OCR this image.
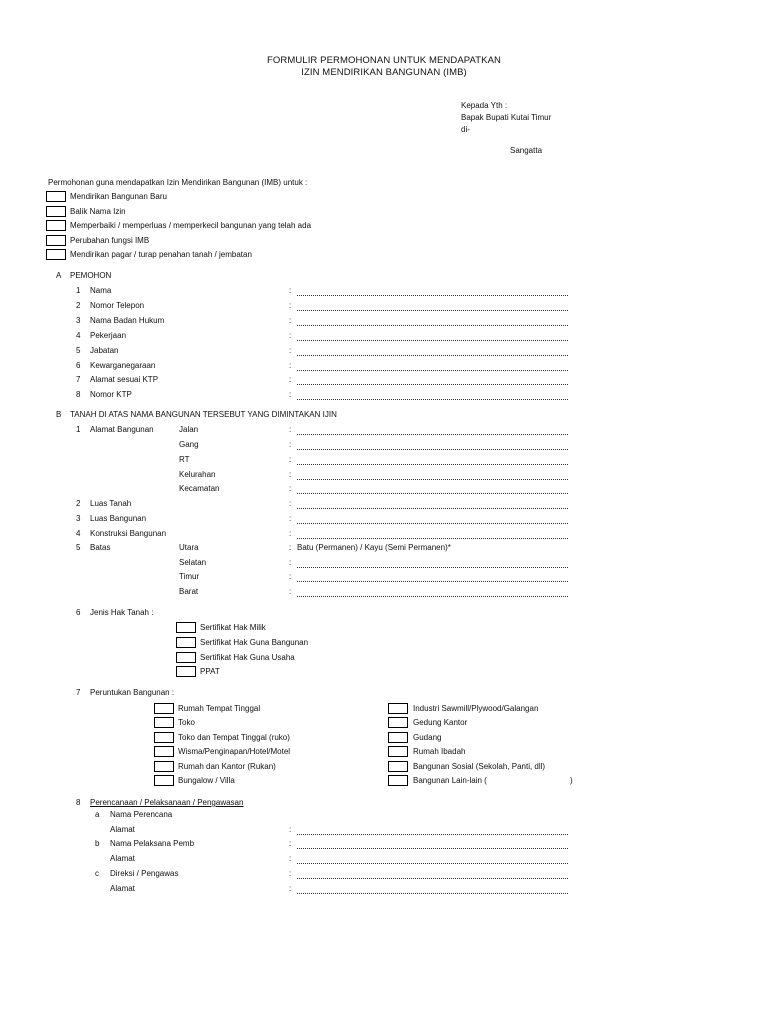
FORMULIR PERMOHONAN UNTUK MENDAPATKAN
IZIN MENDIRIKAN BANGUNAN (IMB)
Kepada Yth :
Bapak Bupati Kutai Timur
di-
Sangatta
Permohonan guna mendapatkan Izin Mendirikan Bangunan (IMB) untuk :
Mendirikan Bangunan Baru
Balik Nama Izin
Memperbaiki / memperluas / memperkecil bangunan yang telah ada
Perubahan fungsi IMB
Mendirikan pagar / turap penahan tanah / jembatan
A PEMOHON
1 Nama	:
2 Nomor Telepon	:
3 Nama Badan Hukum	:
4 Pekerjaan	:
5 Jabatan	:
6 Kewarganegaraan	:
7 Alamat sesuai KTP	:
8 Nomor KTP	:
B TANAH DI ATAS NAMA BANGUNAN TERSEBUT YANG DIMINTAKAN IJIN
1 Alamat Bangunan	Jalan	:
Gang	:
RT	:
Kelurahan	:
Kecamatan	:
2 Luas Tanah	:
3 Luas Bangunan	:
4 Konstruksi Bangunan	:
5 Batas	Utara	: Batu (Permanen) / Kayu (Semi Permanen)*
Selatan	:
Timur	:
Barat	:
6 Jenis Hak Tanah :
Sertifikat Hak Milik
Sertifikat Hak Guna Bangunan
Sertifikat Hak Guna Usaha
PPAT
7 Peruntukan Bangunan :
Rumah Tempat Tinggal
Toko
Toko dan Tempat Tinggal (ruko)
Wisma/Penginapan/Hotel/Motel
Rumah dan Kantor (Rukan)
Bungalow / Villa
Industri Sawmill/Plywood/Galangan
Gedung Kantor
Gudang
Rumah Ibadah
Bangunan Sosial (Sekolah, Panti, dll)
Bangunan Lain-lain (	)
8 Perencanaan / Pelaksanaan / Pengawasan
a Nama Perencana
Alamat	:
b Nama Pelaksana Pemb	:
Alamat	:
c Direksi / Pengawas	:
Alamat	:
